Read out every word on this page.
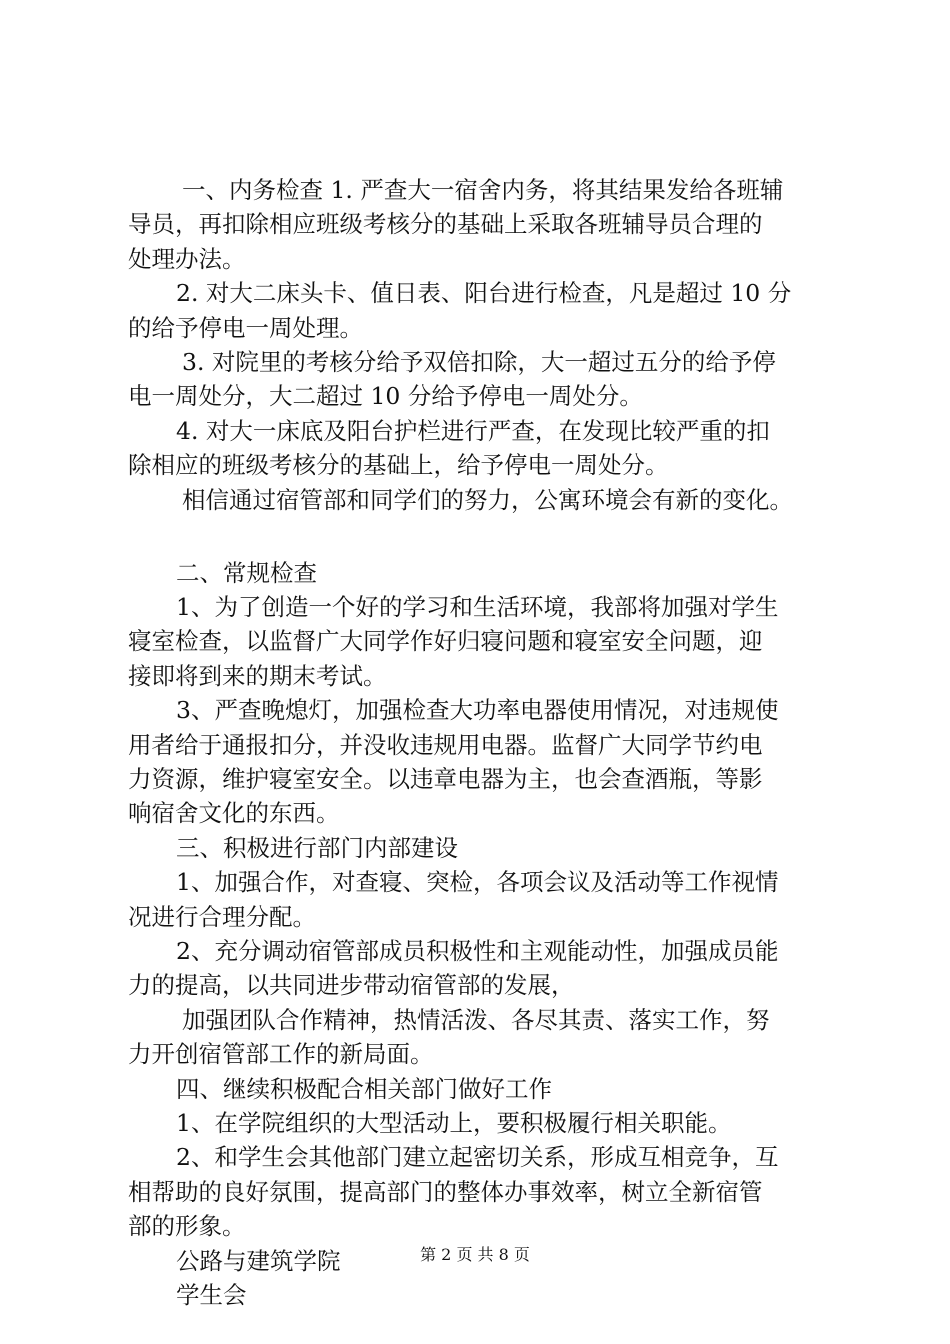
一、内务检查 1. 严查大一宿舍内务，将其结果发给各班辅
导员，再扣除相应班级考核分的基础上采取各班辅导员合理的
处理办法。
2. 对大二床头卡、值日表、阳台进行检查，凡是超过 10 分
的给予停电一周处理。
3. 对院里的考核分给予双倍扣除，大一超过五分的给予停
电一周处分，大二超过 10 分给予停电一周处分。
4. 对大一床底及阳台护栏进行严查，在发现比较严重的扣
除相应的班级考核分的基础上，给予停电一周处分。
相信通过宿管部和同学们的努力，公寓环境会有新的变化。
二、常规检查
1、为了创造一个好的学习和生活环境，我部将加强对学生
寝室检查，以监督广大同学作好归寝问题和寝室安全问题，迎
接即将到来的期末考试。
3、严查晚熄灯，加强检查大功率电器使用情况，对违规使
用者给于通报扣分，并没收违规用电器。监督广大同学节约电
力资源，维护寝室安全。以违章电器为主，也会查酒瓶，等影
响宿舍文化的东西。
三、积极进行部门内部建设
1、加强合作，对查寝、突检，各项会议及活动等工作视情
况进行合理分配。
2、充分调动宿管部成员积极性和主观能动性，加强成员能
力的提高，以共同进步带动宿管部的发展，
加强团队合作精神，热情活泼、各尽其责、落实工作，努
力开创宿管部工作的新局面。
四、继续积极配合相关部门做好工作
1、在学院组织的大型活动上，要积极履行相关职能。
2、和学生会其他部门建立起密切关系，形成互相竞争，互
相帮助的良好氛围，提高部门的整体办事效率，树立全新宿管
部的形象。
公路与建筑学院
学生会
第 2 页 共 8 页
